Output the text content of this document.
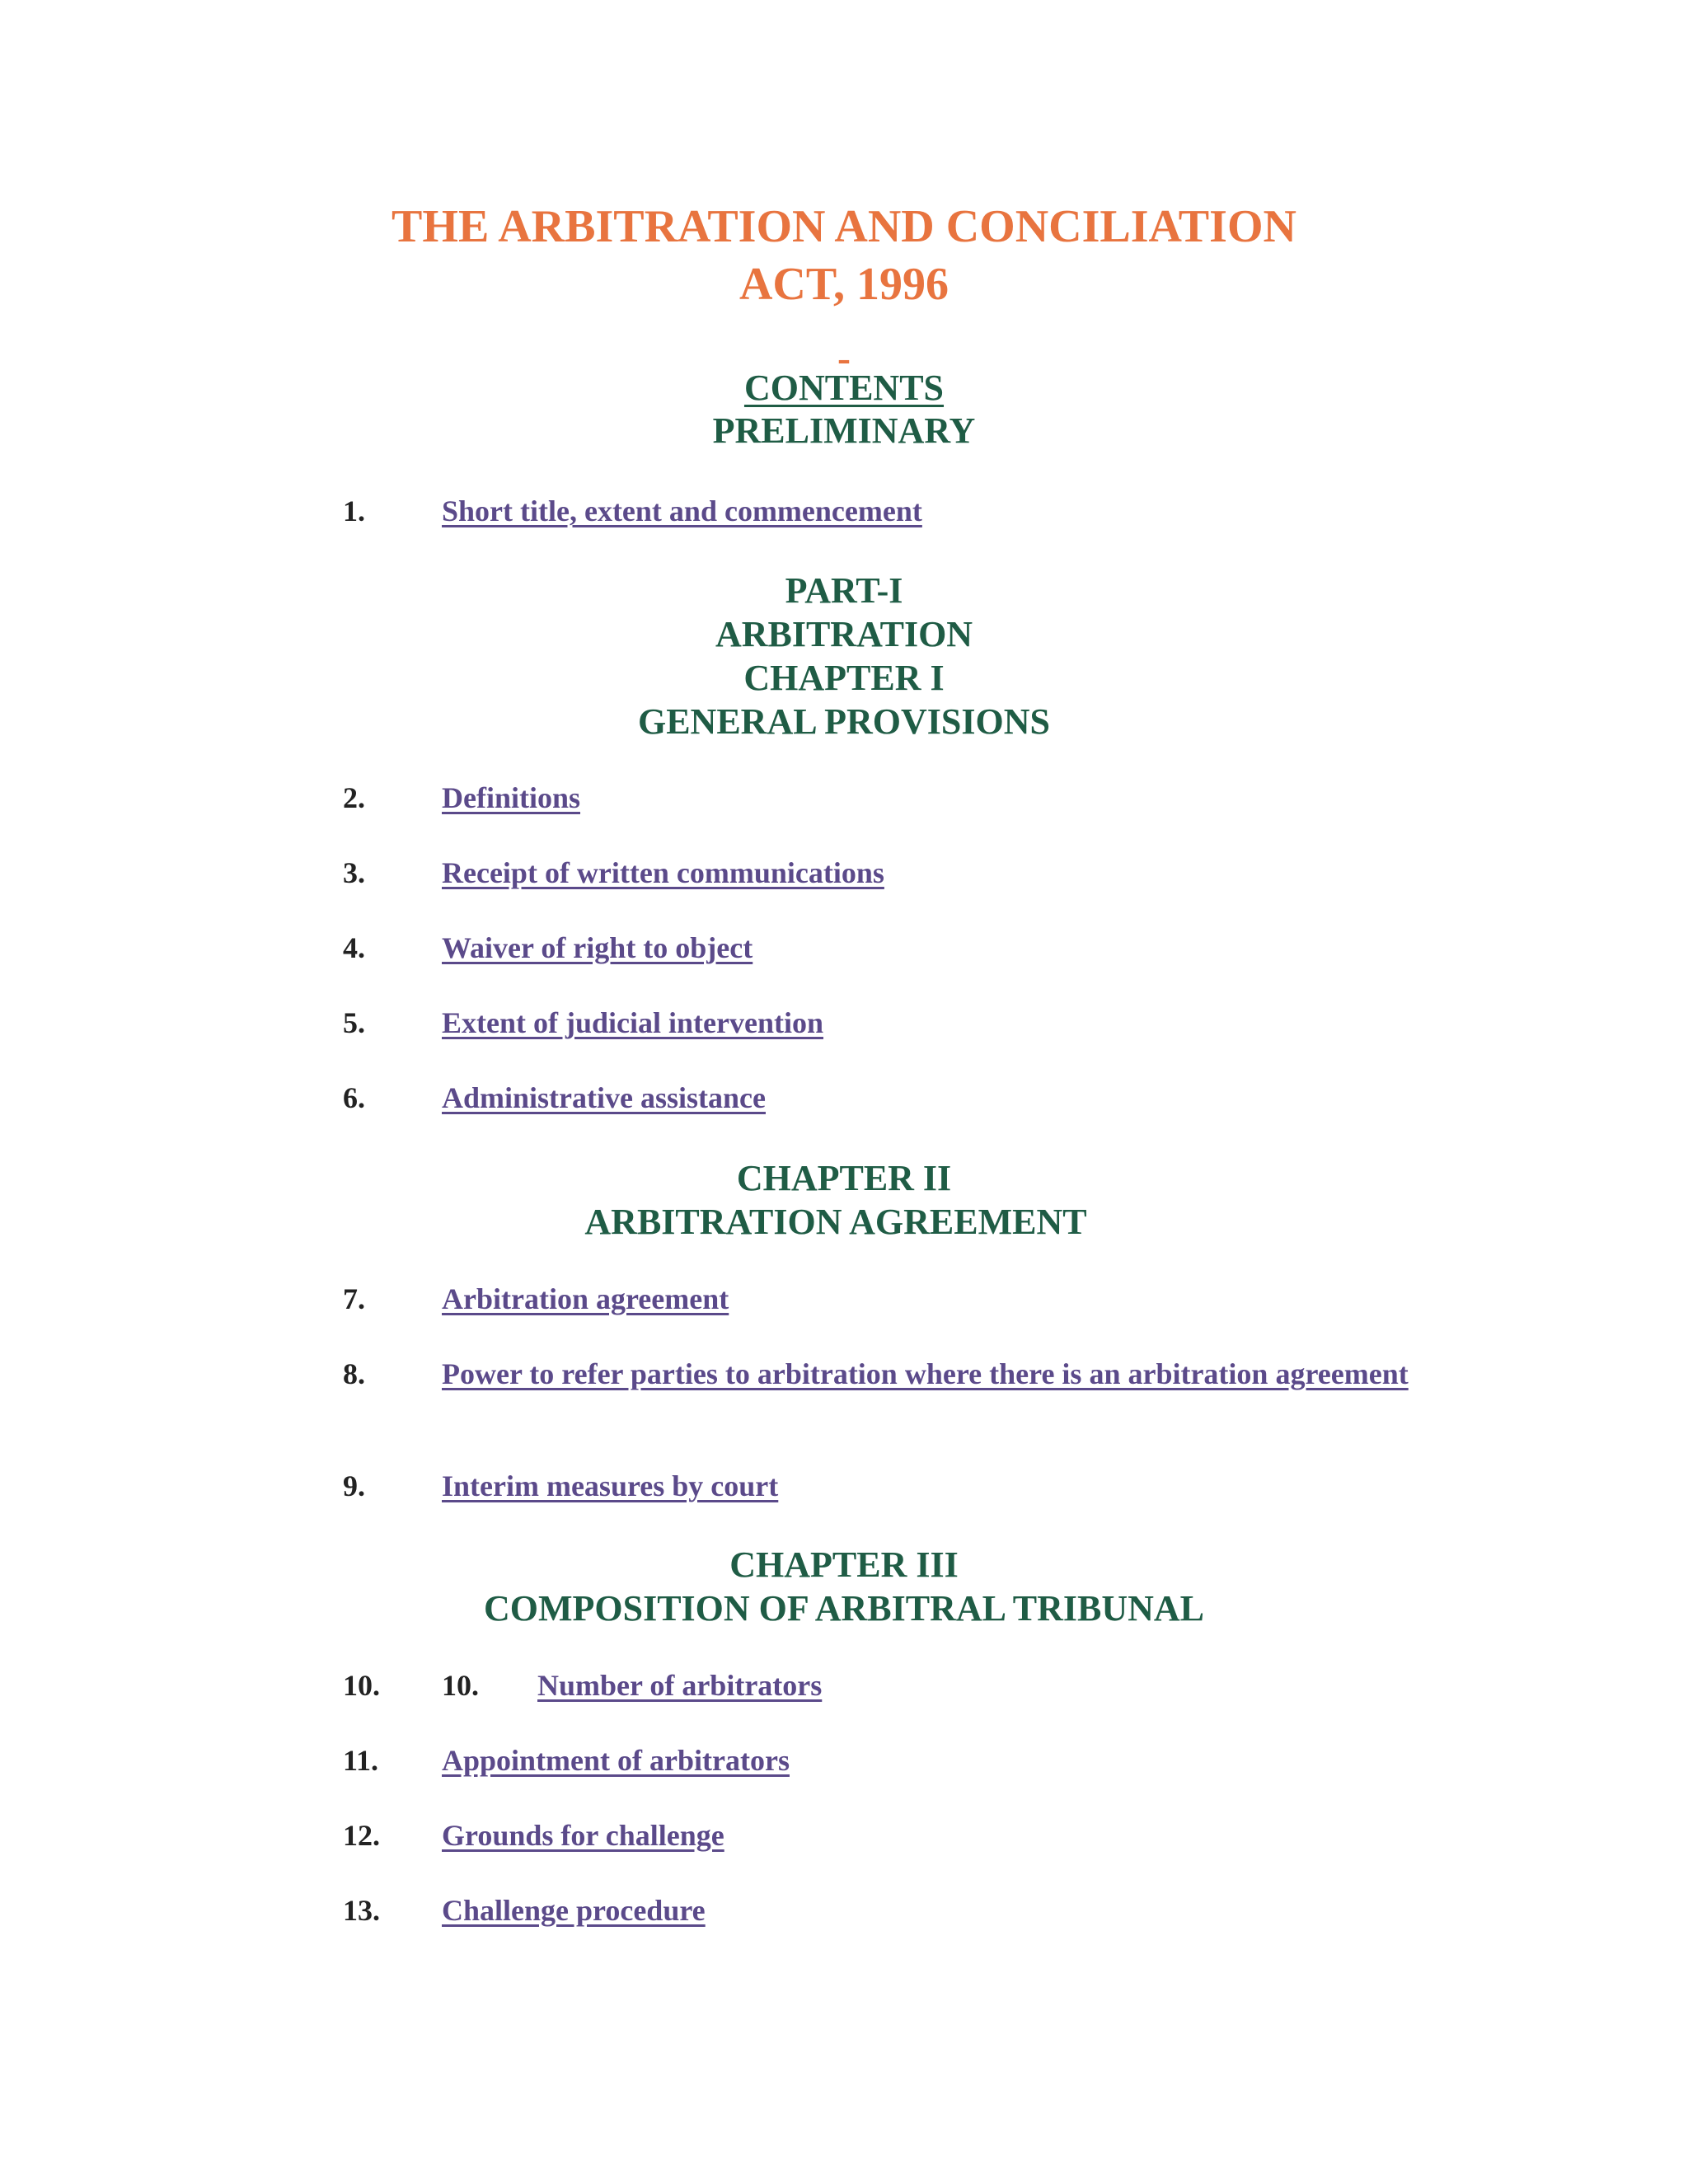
THE ARBITRATION AND CONCILIATION
ACT, 1996
-
CONTENTS
PRELIMINARY
1.	Short title, extent and commencement
PART-I
ARBITRATION
CHAPTER I
GENERAL PROVISIONS
2.	Definitions
3.	Receipt of written communications
4.	Waiver of right to object
5.	Extent of judicial intervention
6.	Administrative assistance
CHAPTER II
ARBITRATION AGREEMENT
7.	Arbitration agreement
8.	Power to refer parties to arbitration where there is an arbitration agreement
9.	Interim measures by court
CHAPTER III
COMPOSITION OF ARBITRAL TRIBUNAL
10. 10. Number of arbitrators
11. Appointment of arbitrators
12. Grounds for challenge
13. Challenge procedure
